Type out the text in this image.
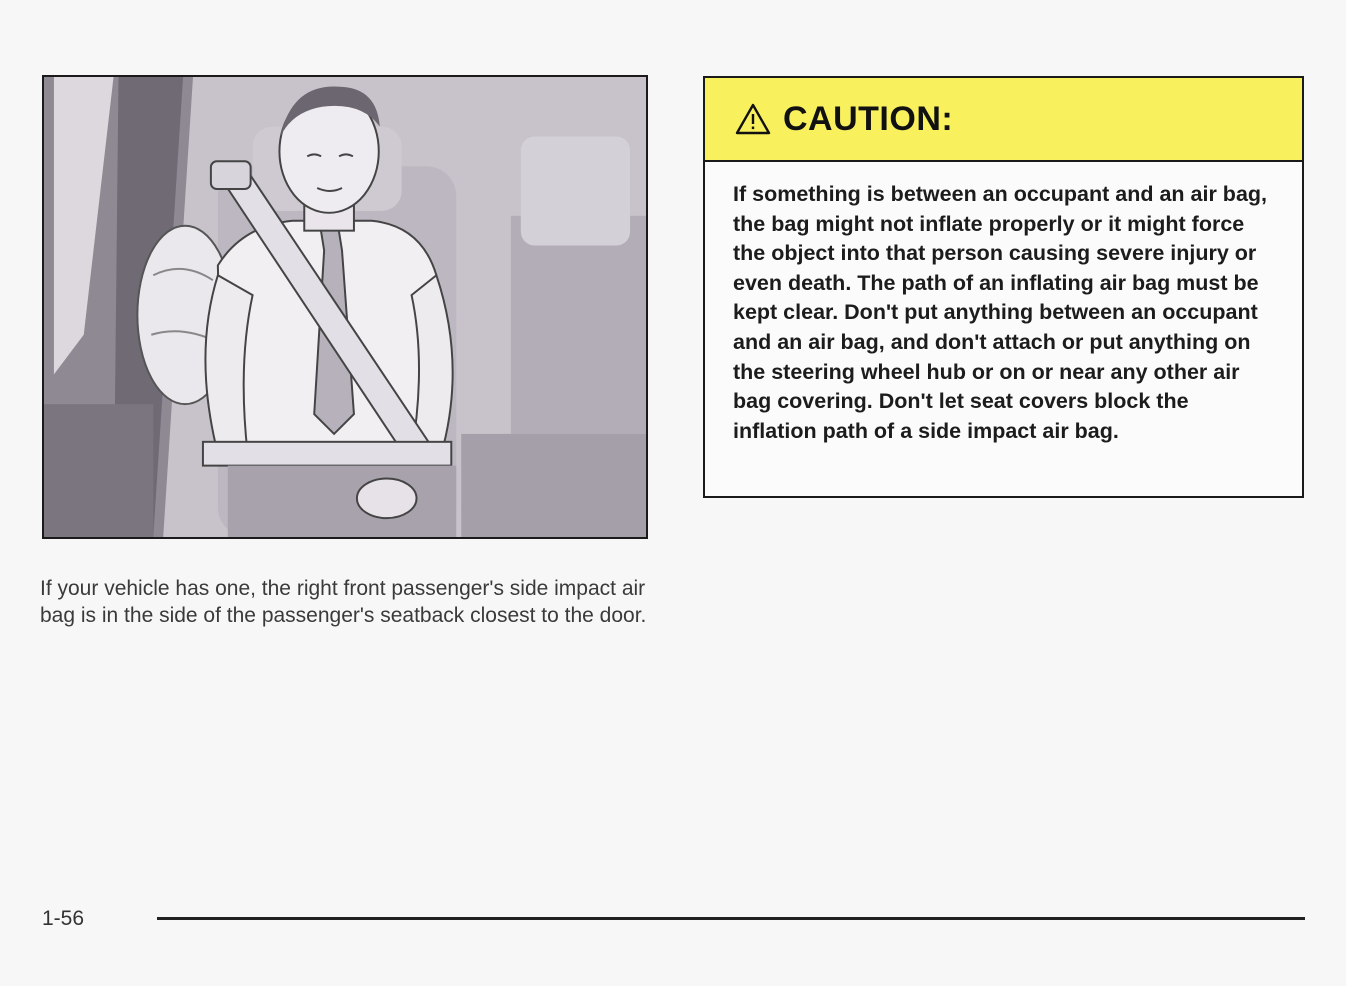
If your vehicle has one, the right front passenger's side impact air bag is in the side of the passenger's seatback closest to the door.

CAUTION:

If something is between an occupant and an air bag, the bag might not inflate properly or it might force the object into that person causing severe injury or even death. The path of an inflating air bag must be kept clear. Don't put anything between an occupant and an air bag, and don't attach or put anything on the steering wheel hub or on or near any other air bag covering. Don't let seat covers block the inflation path of a side impact air bag.

1-56
